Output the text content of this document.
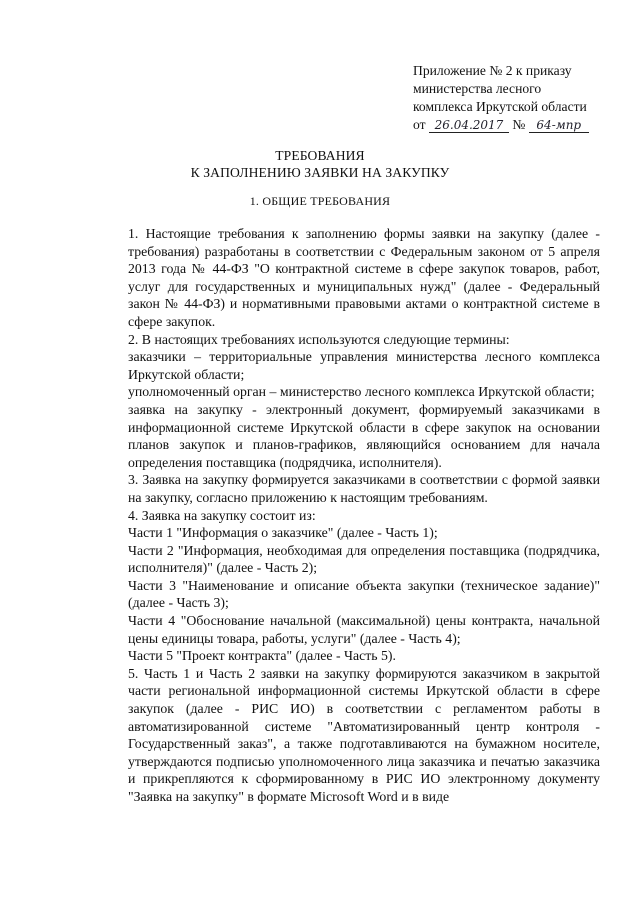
Приложение № 2 к приказу
министерства лесного
комплекса Иркутской области
от 26.04.2017 № 64-мпр
ТРЕБОВАНИЯ
К ЗАПОЛНЕНИЮ ЗАЯВКИ НА ЗАКУПКУ
1. ОБЩИЕ ТРЕБОВАНИЯ

1. Настоящие требования к заполнению формы заявки на закупку (далее - требования) разработаны в соответствии с Федеральным законом от 5 апреля 2013 года № 44-ФЗ "О контрактной системе в сфере закупок товаров, работ, услуг для государственных и муниципальных нужд" (далее - Федеральный закон № 44-ФЗ) и нормативными правовыми актами о контрактной системе в сфере закупок.

2. В настоящих требованиях используются следующие термины:

заказчики – территориальные управления министерства лесного комплекса Иркутской области;

уполномоченный орган – министерство лесного комплекса Иркутской области;

заявка на закупку - электронный документ, формируемый заказчиками в информационной системе Иркутской области в сфере закупок на основании планов закупок и планов-графиков, являющийся основанием для начала определения поставщика (подрядчика, исполнителя).

3. Заявка на закупку формируется заказчиками в соответствии с формой заявки на закупку, согласно приложению к настоящим требованиям.

4. Заявка на закупку состоит из:

Части 1 "Информация о заказчике" (далее - Часть 1);

Части 2 "Информация, необходимая для определения поставщика (подрядчика, исполнителя)" (далее - Часть 2);

Части 3 "Наименование и описание объекта закупки (техническое задание)" (далее - Часть 3);

Части 4 "Обоснование начальной (максимальной) цены контракта, начальной цены единицы товара, работы, услуги" (далее - Часть 4);

Части 5 "Проект контракта" (далее - Часть 5).

5. Часть 1 и Часть 2 заявки на закупку формируются заказчиком в закрытой части региональной информационной системы Иркутской области в сфере закупок (далее - РИС ИО) в соответствии с регламентом работы в автоматизированной системе "Автоматизированный центр контроля - Государственный заказ", а также подготавливаются на бумажном носителе, утверждаются подписью уполномоченного лица заказчика и печатью заказчика и прикрепляются к сформированному в РИС ИО электронному документу "Заявка на закупку" в формате Microsoft Word и в виде
